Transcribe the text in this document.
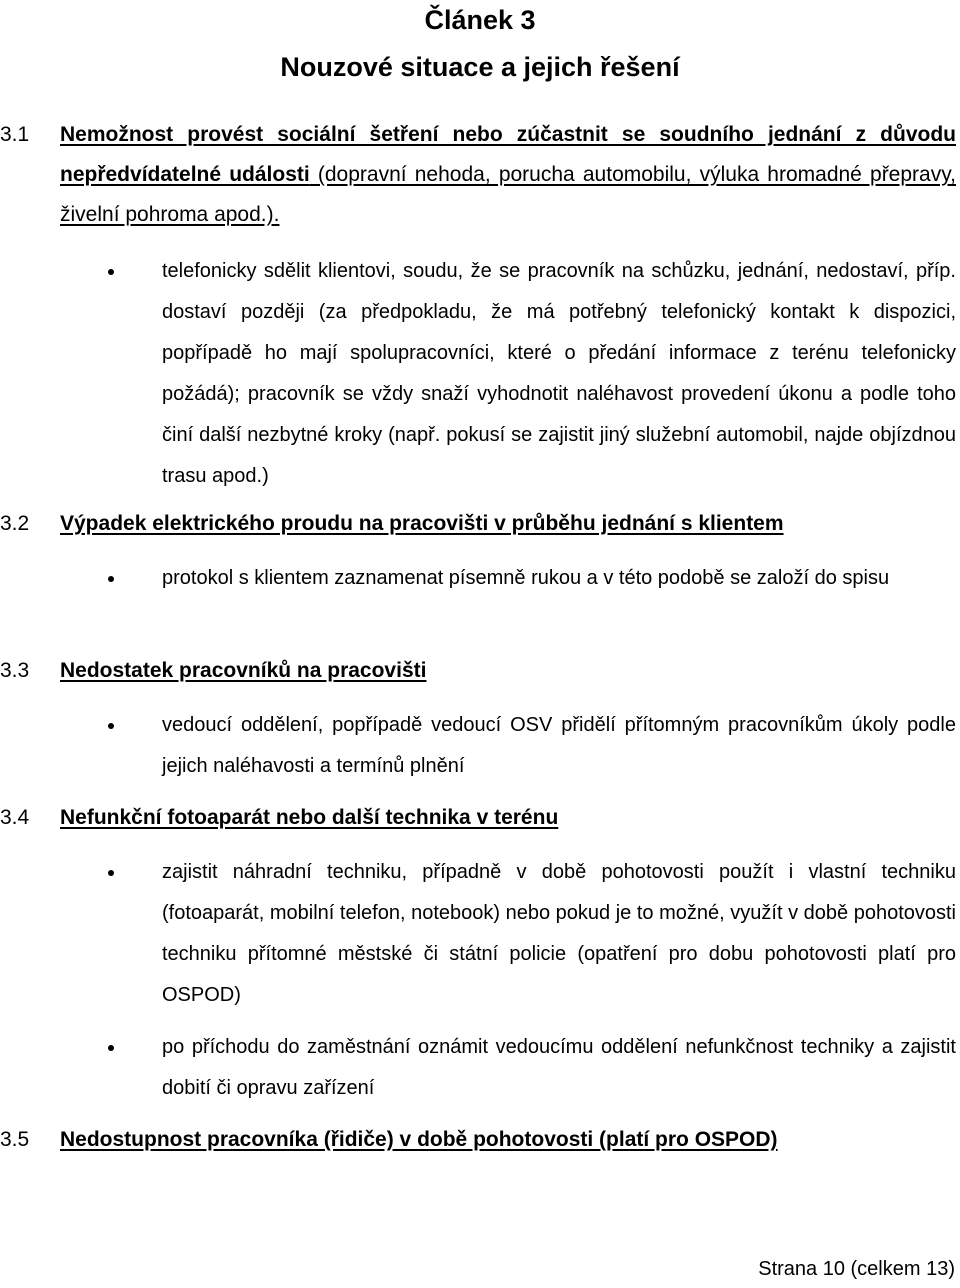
Článek 3
Nouzové situace a jejich řešení
3.1 Nemožnost provést sociální šetření nebo zúčastnit se soudního jednání z důvodu nepředvídatelné události (dopravní nehoda, porucha automobilu, výluka hromadné přepravy, živelní pohroma apod.).
telefonicky sdělit klientovi, soudu, že se pracovník na schůzku, jednání, nedostaví, příp. dostaví později (za předpokladu, že má potřebný telefonický kontakt k dispozici, popřípadě ho mají spolupracovníci, které o předání informace z terénu telefonicky požádá); pracovník se vždy snaží vyhodnotit naléhavost provedení úkonu a podle toho činí další nezbytné kroky (např. pokusí se zajistit jiný služební automobil, najde objízdnou trasu apod.)
3.2 Výpadek elektrického proudu na pracovišti v průběhu jednání s klientem
protokol s klientem zaznamenat písemně rukou a v této podobě se založí do spisu
3.3 Nedostatek pracovníků na pracovišti
vedoucí oddělení, popřípadě vedoucí OSV přidělí přítomným pracovníkům úkoly podle jejich naléhavosti a termínů plnění
3.4 Nefunkční fotoaparát nebo další technika v terénu
zajistit náhradní techniku, případně v době pohotovosti použít i vlastní techniku (fotoaparát, mobilní telefon, notebook) nebo pokud je to možné, využít v době pohotovosti techniku přítomné městské či státní policie (opatření pro dobu pohotovosti platí pro OSPOD)
po příchodu do zaměstnání oznámit vedoucímu oddělení nefunkčnost techniky a zajistit dobití či opravu zařízení
3.5 Nedostupnost pracovníka (řidiče) v době pohotovosti (platí pro OSPOD)
Strana 10 (celkem 13)
